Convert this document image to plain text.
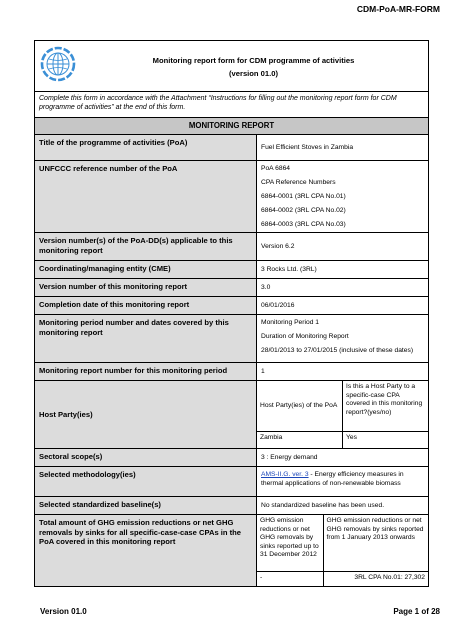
CDM-PoA-MR-FORM
Monitoring report form for CDM programme of activities
(version 01.0)

Complete this form in accordance with the Attachment “Instructions for filling out the monitoring report form for CDM programme of activities” at the end of this form.
MONITORING REPORT
Title of the programme of activities (PoA)	Fuel Efficient Stoves in Zambia
UNFCCC reference number of the PoA	PoA 6864

CPA Reference Numbers

6864-0001 (3RL CPA No.01)

6864-0002 (3RL CPA No.02)

6864-0003 (3RL CPA No.03)

Version number(s) of the PoA-DD(s) applicable to this monitoring report	Version 6.2
Coordinating/managing entity (CME)	3 Rocks Ltd. (3RL)
Version number of this monitoring report	3.0
Completion date of this monitoring report	06/01/2016
Monitoring period number and dates covered by this monitoring report	

Monitoring Period 1

Duration of Monitoring Report

28/01/2013 to 27/01/2015 (inclusive of these dates)

Monitoring report number for this monitoring period	1
Host Party(ies)	
Host Party(ies) of the PoA	Is this a Host Party to a specific-case CPA covered in this monitoring report?(yes/no)
Zambia	Yes

Sectoral scope(s)	3 : Energy demand
Selected methodology(ies)	AMS-II.G. ver. 3 - Energy efficiency measures in thermal applications of non-renewable biomass
Selected standardized baseline(s)	No standardized baseline has been used.
Total amount of GHG emission reductions or net GHG removals by sinks for all specific-case-case CPAs in the PoA covered in this monitoring report	
GHG emission reductions or net GHG removals by sinks reported up to 31 December 2012	GHG emission reductions or net GHG removals by sinks reported from 1 January 2013 onwards
-	3RL CPA No.01: 27,302
Version 01.0	Page 1 of 28
